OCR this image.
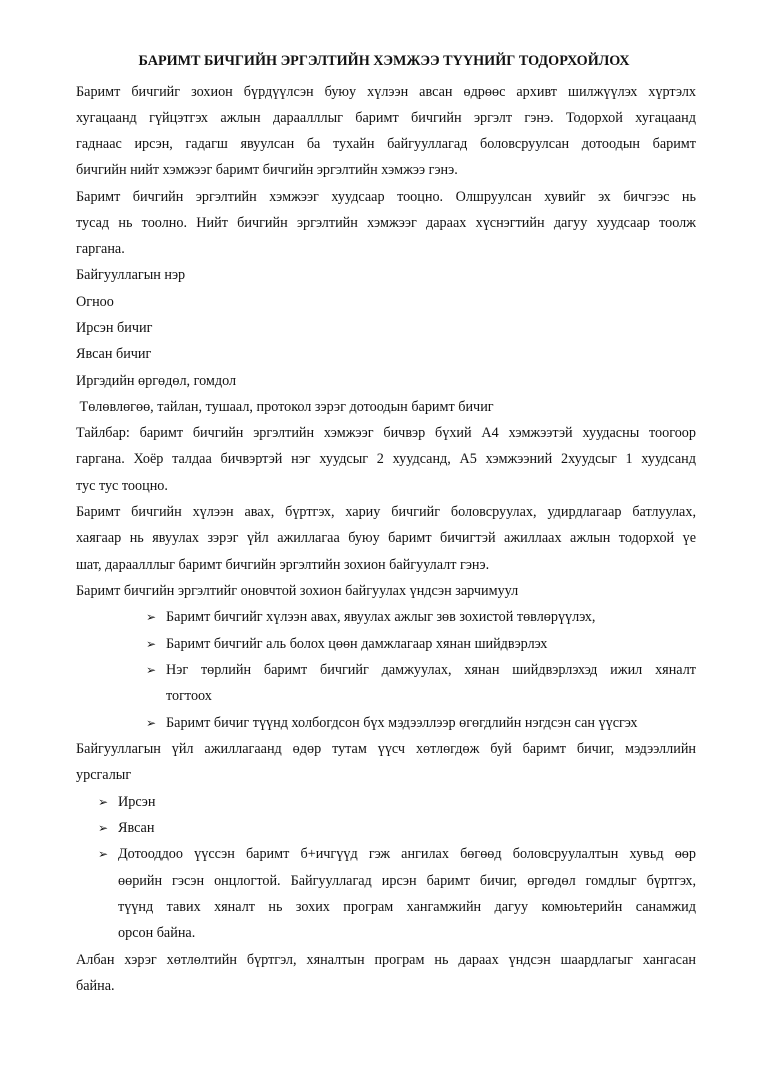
БАРИМТ БИЧГИЙН ЭРГЭЛТИЙН ХЭМЖЭЭ ТҮҮНИЙГ ТОДОРХОЙЛОХ
Баримт бичгийг зохион бүрдүүлсэн буюу хүлээн авсан өдрөөс архивт шилжүүлэх хүртэлх
хугацаанд гүйцэтгэх ажлын дараалллыг баримт бичгийн эргэлт гэнэ. Тодорхой хугацаанд
гаднаас ирсэн, гадагш явуулсан ба тухайн байгууллагад боловсруулсан дотоодын баримт
бичгийн нийт хэмжээг баримт бичгийн эргэлтийн хэмжээ гэнэ.
Баримт бичгийн эргэлтийн хэмжээг хуудсаар тооцно. Олшруулсан хувийг эх бичгээс нь
тусад нь тоолно. Нийт бичгийн эргэлтийн хэмжээг дараах хүснэгтийн дагуу хуудсаар тоолж
гаргана.
Байгууллагын нэр
Огноо
Ирсэн бичиг
Явсан бичиг
Иргэдийн өргөдөл, гомдол
Төлөвлөгөө, тайлан, тушаал, протокол зэрэг дотоодын баримт бичиг
Тайлбар: баримт бичгийн эргэлтийн хэмжээг бичвэр бүхий А4 хэмжээтэй хуудасны тоогоор
гаргана. Хоёр талдаа бичвэртэй нэг хуудсыг 2 хуудсанд, А5 хэмжээний 2хуудсыг 1 хуудсанд
тус тус тооцно.
Баримт бичгийн хүлээн авах, бүртгэх, хариу бичгийг боловсруулах, удирдлагаар батлуулах,
хаягаар нь явуулах зэрэг үйл ажиллагаа буюу баримт бичигтэй ажиллаах ажлын тодорхой үе
шат, дараалллыг баримт бичгийн эргэлтийн зохион байгуулалт гэнэ.
Баримт бичгийн эргэлтийг оновчтой зохион байгуулах үндсэн зарчимуул
➢ Баримт бичгийг хүлээн авах, явуулах ажлыг зөв зохистой төвлөрүүлэх,
➢ Баримт бичгийг аль болох цөөн дамжлагаар хянан шийдвэрлэх
➢ Нэг төрлийн баримт бичгийг дамжуулах, хянан шийдвэрлэхэд ижил хяналт
тогтоох
➢ Баримт бичиг түүнд холбогдсон бүх мэдээллээр өгөгдлийн нэгдсэн сан үүсгэх
Байгууллагын үйл ажиллагаанд өдөр тутам үүсч хөтлөгдөж буй баримт бичиг, мэдээллийн
урсгалыг
➢ Ирсэн
➢ Явсан
➢ Дотооддоо үүссэн баримт б+ичгүүд гэж ангилах бөгөөд боловсруулалтын хувьд өөр
өөрийн гэсэн онцлогтой. Байгууллагад ирсэн баримт бичиг, өргөдөл гомдлыг бүртгэх,
түүнд тавих хяналт нь зохих програм хангамжийн дагуу комюьтерийн санамжид
орсон байна.
Албан хэрэг хөтлөлтийн бүртгэл, хяналтын програм нь дараах үндсэн шаардлагыг хангасан
байна.
